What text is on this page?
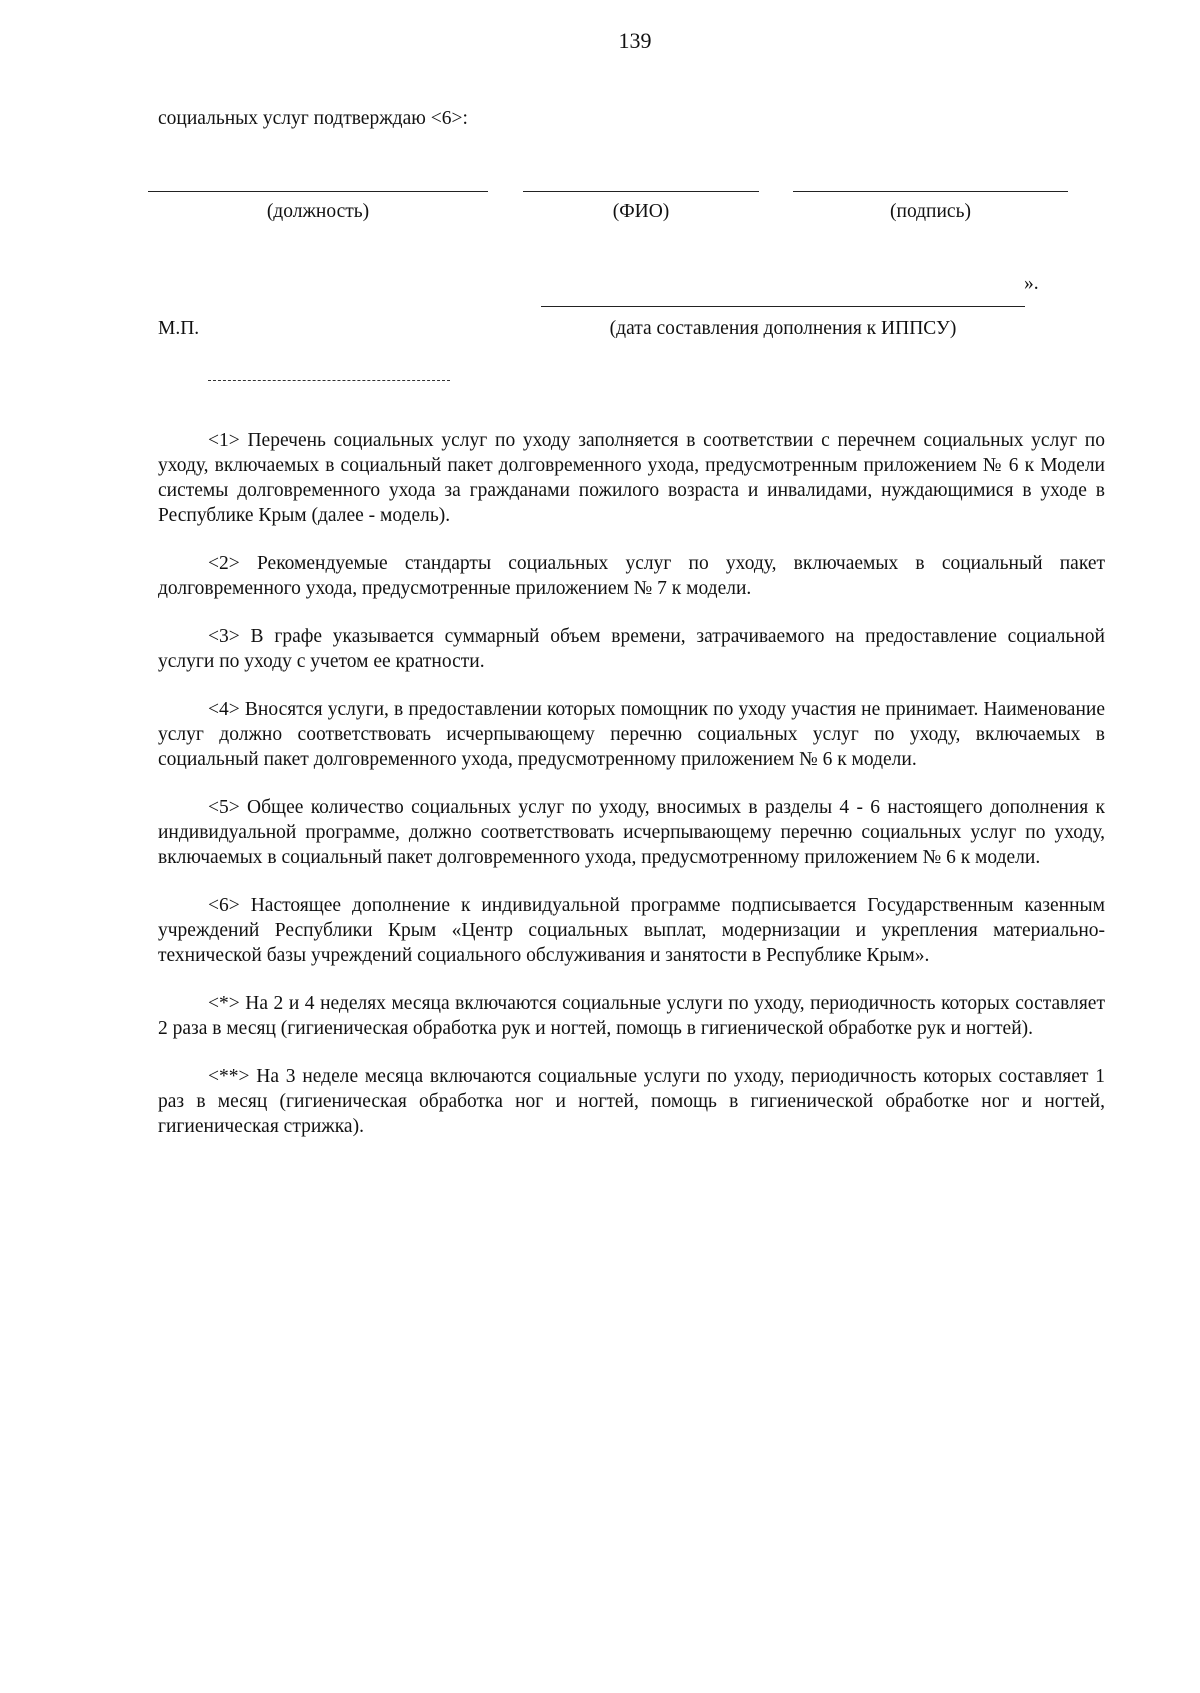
139
социальных услуг подтверждаю <6>:
(должность)	(ФИО)	(подпись)
».
М.П.	(дата составления дополнения к ИППСУ)

<1> Перечень социальных услуг по уходу заполняется в соответствии с перечнем социальных услуг по уходу, включаемых в социальный пакет долговременного ухода, предусмотренным приложением № 6 к Модели системы долговременного ухода за гражданами пожилого возраста и инвалидами, нуждающимися в уходе в Республике Крым (далее - модель).

<2> Рекомендуемые стандарты социальных услуг по уходу, включаемых в социальный пакет долговременного ухода, предусмотренные приложением № 7 к модели.

<3> В графе указывается суммарный объем времени, затрачиваемого на предоставление социальной услуги по уходу с учетом ее кратности.

<4> Вносятся услуги, в предоставлении которых помощник по уходу участия не принимает. Наименование услуг должно соответствовать исчерпывающему перечню социальных услуг по уходу, включаемых в социальный пакет долговременного ухода, предусмотренному приложением № 6 к модели.

<5> Общее количество социальных услуг по уходу, вносимых в разделы 4 - 6 настоящего дополнения к индивидуальной программе, должно соответствовать исчерпывающему перечню социальных услуг по уходу, включаемых в социальный пакет долговременного ухода, предусмотренному приложением № 6 к модели.

<6> Настоящее дополнение к индивидуальной программе подписывается Государственным казенным учреждений Республики Крым «Центр социальных выплат, модернизации и укрепления материально-технической базы учреждений социального обслуживания и занятости в Республике Крым».

<*> На 2 и 4 неделях месяца включаются социальные услуги по уходу, периодичность которых составляет 2 раза в месяц (гигиеническая обработка рук и ногтей, помощь в гигиенической обработке рук и ногтей).

<**> На 3 неделе месяца включаются социальные услуги по уходу, периодичность которых составляет 1 раз в месяц (гигиеническая обработка ног и ногтей, помощь в гигиенической обработке ног и ногтей, гигиеническая стрижка).
